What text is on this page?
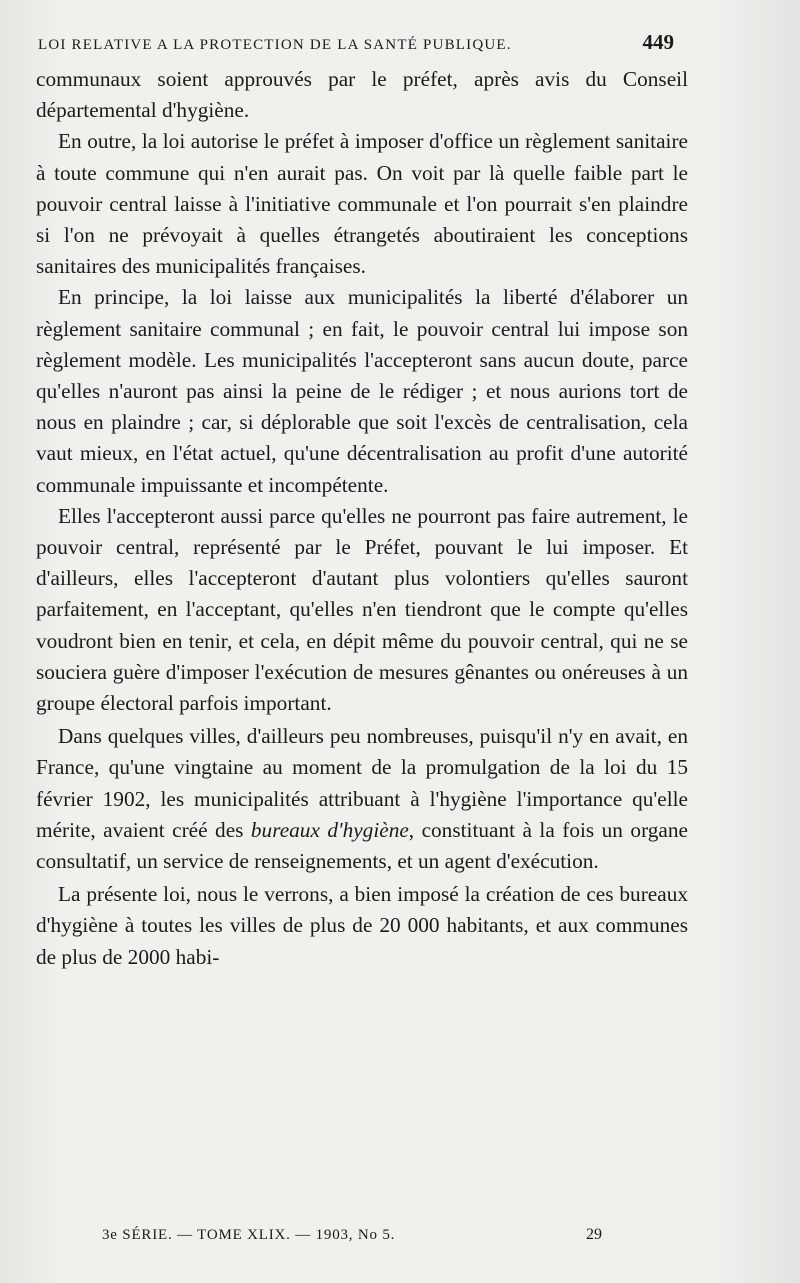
LOI RELATIVE A LA PROTECTION DE LA SANTÉ PUBLIQUE.	449

communaux soient approuvés par le préfet, après avis du Conseil départemental d'hygiène.

En outre, la loi autorise le préfet à imposer d'office un règlement sanitaire à toute commune qui n'en aurait pas. On voit par là quelle faible part le pouvoir central laisse à l'initiative communale et l'on pourrait s'en plaindre si l'on ne prévoyait à quelles étrangetés aboutiraient les conceptions sanitaires des municipalités françaises.

En principe, la loi laisse aux municipalités la liberté d'élaborer un règlement sanitaire communal ; en fait, le pouvoir central lui impose son règlement modèle. Les municipalités l'accepteront sans aucun doute, parce qu'elles n'auront pas ainsi la peine de le rédiger ; et nous aurions tort de nous en plaindre ; car, si déplorable que soit l'excès de centralisation, cela vaut mieux, en l'état actuel, qu'une décentralisation au profit d'une autorité communale impuissante et incompétente.

Elles l'accepteront aussi parce qu'elles ne pourront pas faire autrement, le pouvoir central, représenté par le Préfet, pouvant le lui imposer. Et d'ailleurs, elles l'accepteront d'autant plus volontiers qu'elles sauront parfaitement, en l'acceptant, qu'elles n'en tiendront que le compte qu'elles voudront bien en tenir, et cela, en dépit même du pouvoir central, qui ne se souciera guère d'imposer l'exécution de mesures gênantes ou onéreuses à un groupe électoral parfois important.

Dans quelques villes, d'ailleurs peu nombreuses, puisqu'il n'y en avait, en France, qu'une vingtaine au moment de la promulgation de la loi du 15 février 1902, les municipalités attribuant à l'hygiène l'importance qu'elle mérite, avaient créé des bureaux d'hygiène, constituant à la fois un organe consultatif, un service de renseignements, et un agent d'exécution.

La présente loi, nous le verrons, a bien imposé la création de ces bureaux d'hygiène à toutes les villes de plus de 20 000 habitants, et aux communes de plus de 2000 habi-

3e SÉRIE. — TOME XLIX. — 1903, No 5.	29
